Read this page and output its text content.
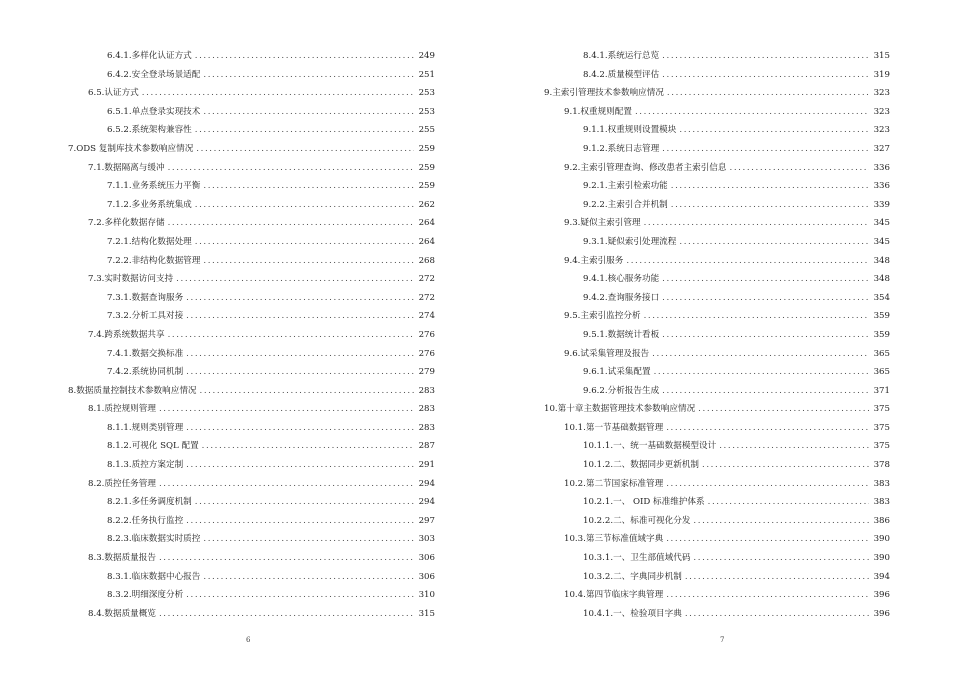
6.4.1.多样化认证方式 .....	249
6.4.2.安全登录场景适配 .....	251
6.5.认证方式 .....	253
6.5.1.单点登录实现技术 .....	253
6.5.2.系统架构兼容性 .....	255
7.ODS 复制库技术参数响应情况 .....	259
7.1.数据隔离与缓冲 .....	259
7.1.1.业务系统压力平衡 .....	259
7.1.2.多业务系统集成 .....	262
7.2.多样化数据存储 .....	264
7.2.1.结构化数据处理 .....	264
7.2.2.非结构化数据管理 .....	268
7.3.实时数据访问支持 .....	272
7.3.1.数据查询服务 .....	272
7.3.2.分析工具对接 .....	274
7.4.跨系统数据共享 .....	276
7.4.1.数据交换标准 .....	276
7.4.2.系统协同机制 .....	279
8.数据质量控制技术参数响应情况 .....	283
8.1.质控规则管理 .....	283
8.1.1.规则类别管理 .....	283
8.1.2.可视化 SQL 配置 .....	287
8.1.3.质控方案定制 .....	291
8.2.质控任务管理 .....	294
8.2.1.多任务调度机制 .....	294
8.2.2.任务执行监控 .....	297
8.2.3.临床数据实时质控 .....	303
8.3.数据质量报告 .....	306
8.3.1.临床数据中心报告 .....	306
8.3.2.明细深度分析 .....	310
8.4.数据质量概览 .....	315
6
8.4.1.系统运行总览 .....	315
8.4.2.质量模型评估 .....	319
9.主索引管理技术参数响应情况 .....	323
9.1.权重规则配置 .....	323
9.1.1.权重规则设置模块 .....	323
9.1.2.系统日志管理 .....	327
9.2.主索引管理查询、修改患者主索引信息 .....	336
9.2.1.主索引检索功能 .....	336
9.2.2.主索引合并机制 .....	339
9.3.疑似主索引管理 .....	345
9.3.1.疑似索引处理流程 .....	345
9.4.主索引服务 .....	348
9.4.1.核心服务功能 .....	348
9.4.2.查询服务接口 .....	354
9.5.主索引监控分析 .....	359
9.5.1.数据统计看板 .....	359
9.6.试采集管理及报告 .....	365
9.6.1.试采集配置 .....	365
9.6.2.分析报告生成 .....	371
10.第十章主数据管理技术参数响应情况 .....	375
10.1.第一节基础数据管理 .....	375
10.1.1.一、统一基础数据模型设计 .....	375
10.1.2.二、数据同步更新机制 .....	378
10.2.第二节国家标准管理 .....	383
10.2.1.一、 OID 标准维护体系 .....	383
10.2.2.二、标准可视化分发 .....	386
10.3.第三节标准值域字典 .....	390
10.3.1.一、卫生部值域代码 .....	390
10.3.2.二、字典同步机制 .....	394
10.4.第四节临床字典管理 .....	396
10.4.1.一、检验项目字典 .....	396
7
